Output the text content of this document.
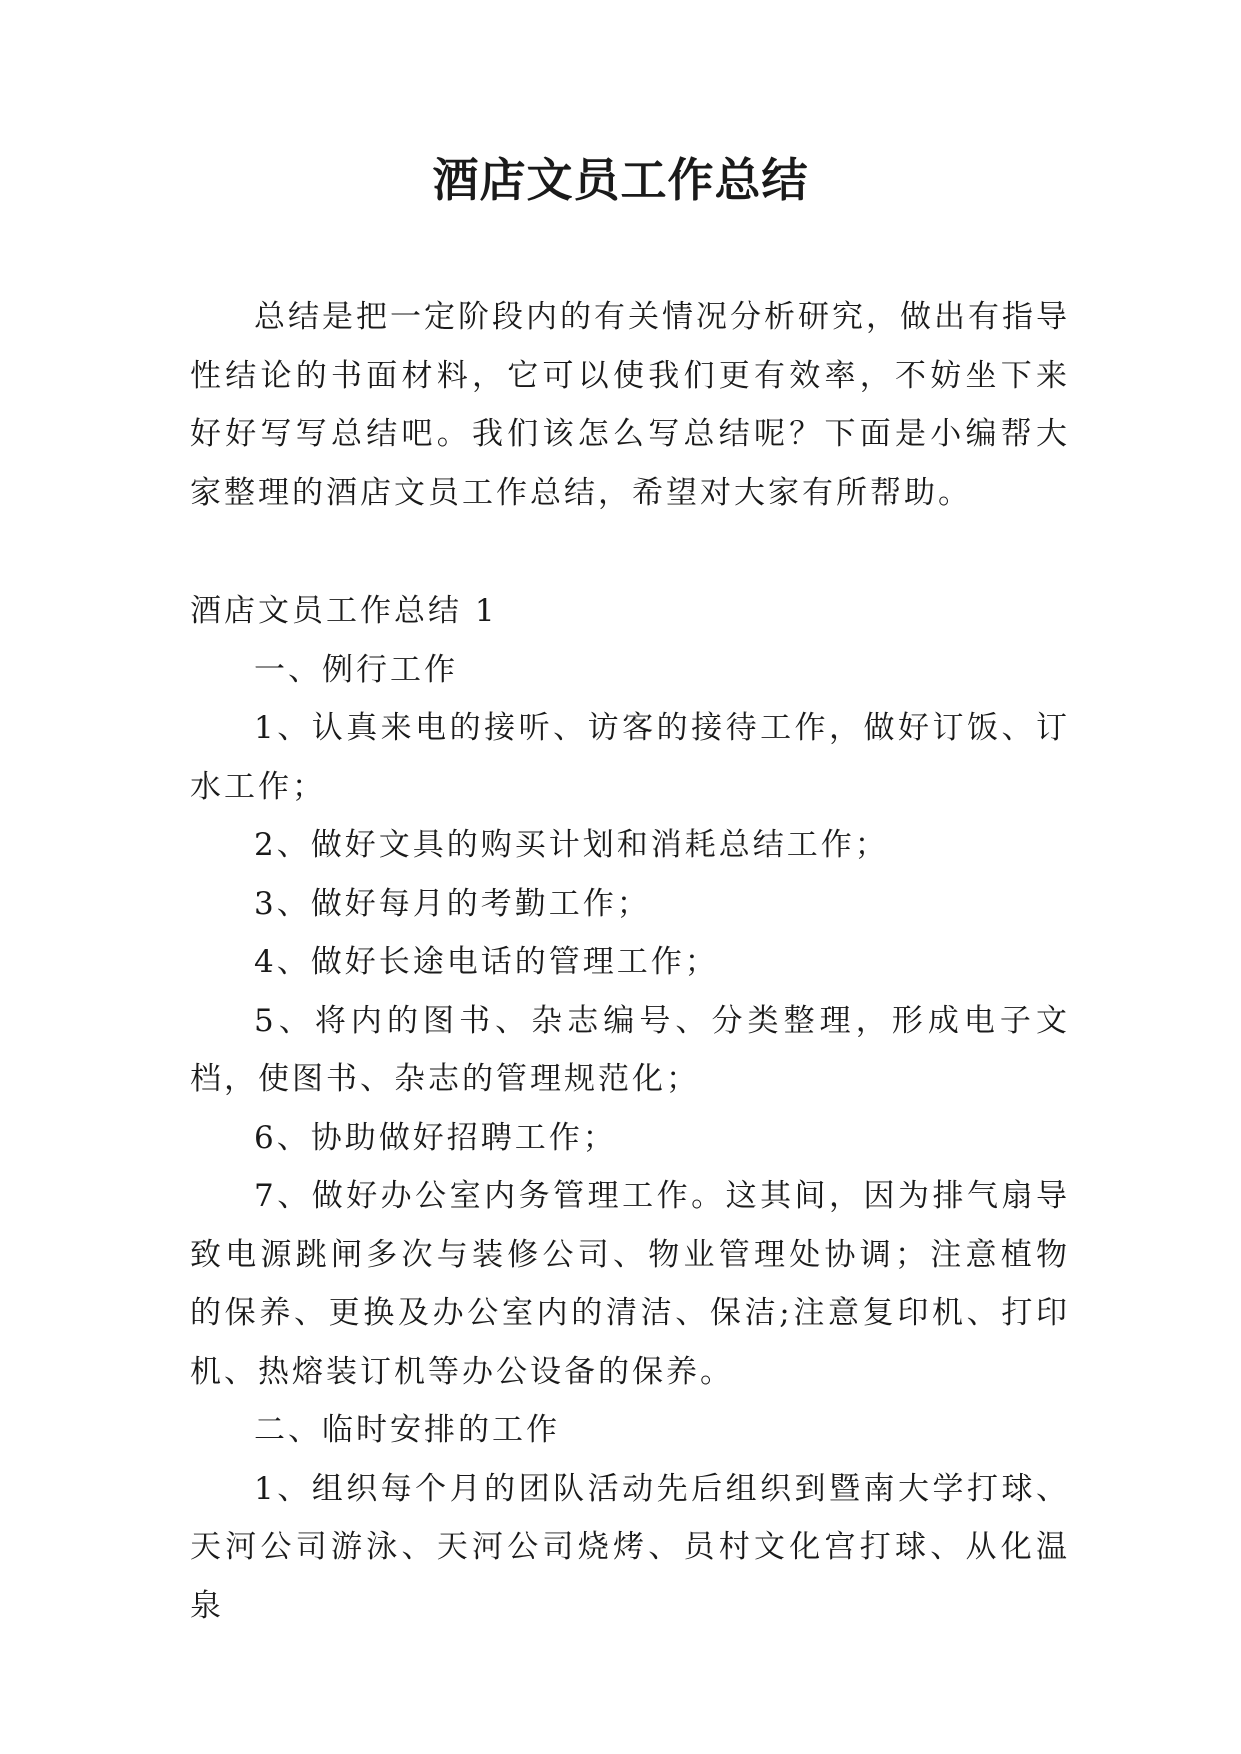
酒店文员工作总结

总结是把一定阶段内的有关情况分析研究，做出有指导性结论的书面材料，它可以使我们更有效率，不妨坐下来好好写写总结吧。我们该怎么写总结呢？下面是小编帮大家整理的酒店文员工作总结，希望对大家有所帮助。

酒店文员工作总结 1

一、例行工作

1、认真来电的接听、访客的接待工作，做好订饭、订水工作；

2、做好文具的购买计划和消耗总结工作；

3、做好每月的考勤工作；

4、做好长途电话的管理工作；

5、将内的图书、杂志编号、分类整理，形成电子文档，使图书、杂志的管理规范化；

6、协助做好招聘工作；

7、做好办公室内务管理工作。这其间，因为排气扇导致电源跳闸多次与装修公司、物业管理处协调；注意植物的保养、更换及办公室内的清洁、保洁;注意复印机、打印机、热熔装订机等办公设备的保养。

二、临时安排的工作

1、组织每个月的团队活动先后组织到暨南大学打球、天河公司游泳、天河公司烧烤、员村文化宫打球、从化温泉
